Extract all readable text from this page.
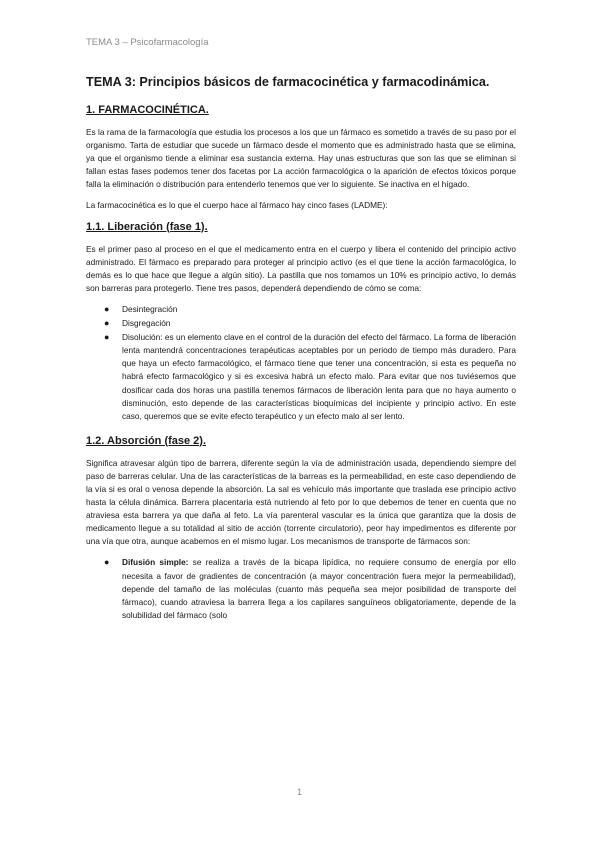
TEMA 3 – Psicofarmacología
TEMA 3: Principios básicos de farmacocinética y farmacodinámica.
1. FARMACOCINÉTICA.

Es la rama de la farmacología que estudia los procesos a los que un fármaco es sometido a través de su paso por el organismo. Tarta de estudiar que sucede un fármaco desde el momento que es administrado hasta que se elimina, ya que el organismo tiende a eliminar esa sustancia externa. Hay unas estructuras que son las que se eliminan si fallan estas fases podemos tener dos facetas por La acción farmacológica o la aparición de efectos tóxicos porque falla la eliminación o distribución para entenderlo tenemos que ver lo siguiente. Se inactiva en el hígado.

La farmacocinética es lo que el cuerpo hace al fármaco hay cinco fases (LADME):

1.1. Liberación (fase 1).

Es el primer paso al proceso en el que el medicamento entra en el cuerpo y libera el contenido del principio activo administrado. El fármaco es preparado para proteger al principio activo (es el que tiene la acción farmacológica, lo demás es lo que hace que llegue a algún sitio). La pastilla que nos tomamos un 10% es principio activo, lo demás son barreras para protegerlo. Tiene tres pasos, dependerá dependiendo de cómo se coma:

● Desintegración
● Disgregación
● Disolución: es un elemento clave en el control de la duración del efecto del fármaco. La forma de liberación lenta mantendrá concentraciones terapéuticas aceptables por un periodo de tiempo más duradero. Para que haya un efecto farmacológico, el fármaco tiene que tener una concentración, si esta es pequeña no habrá efecto farmacológico y si es excesiva habrá un efecto malo. Para evitar que nos tuviésemos que dosificar cada dos horas una pastilla tenemos fármacos de liberación lenta para que no haya aumento o disminución, esto depende de las características bioquímicas del incipiente y principio activo. En este caso, queremos que se evite efecto terapéutico y un efecto malo al ser lento.
1.2. Absorción (fase 2).

Significa atravesar algún tipo de barrera, diferente según la vía de administración usada, dependiendo siempre del paso de barreras celular. Una de las características de la barreas es la permeabilidad, en este caso dependiendo de la vía si es oral o venosa depende la absorción. La sal es vehículo más importante que traslada ese principio activo hasta la célula dinámica. Barrera placentaria está nutriendo al feto por lo que debemos de tener en cuenta que no atraviesa esta barrera ya que daña al feto. La vía parenteral vascular es la única que garantiza que la dosis de medicamento llegue a su totalidad al sitio de acción (torrente circulatorio), peor hay impedimentos es diferente por una vía que otra, aunque acabemos en el mismo lugar. Los mecanismos de transporte de fármacos son:

● Difusión simple: se realiza a través de la bicapa lipídica, no requiere consumo de energía por ello necesita a favor de gradientes de concentración (a mayor concentración fuera mejor la permeabilidad), depende del tamaño de las moléculas (cuanto más pequeña sea mejor posibilidad de transporte del fármaco), cuando atraviesa la barrera llega a los capilares sanguíneos obligatoriamente, depende de la solubilidad del fármaco (solo
1
